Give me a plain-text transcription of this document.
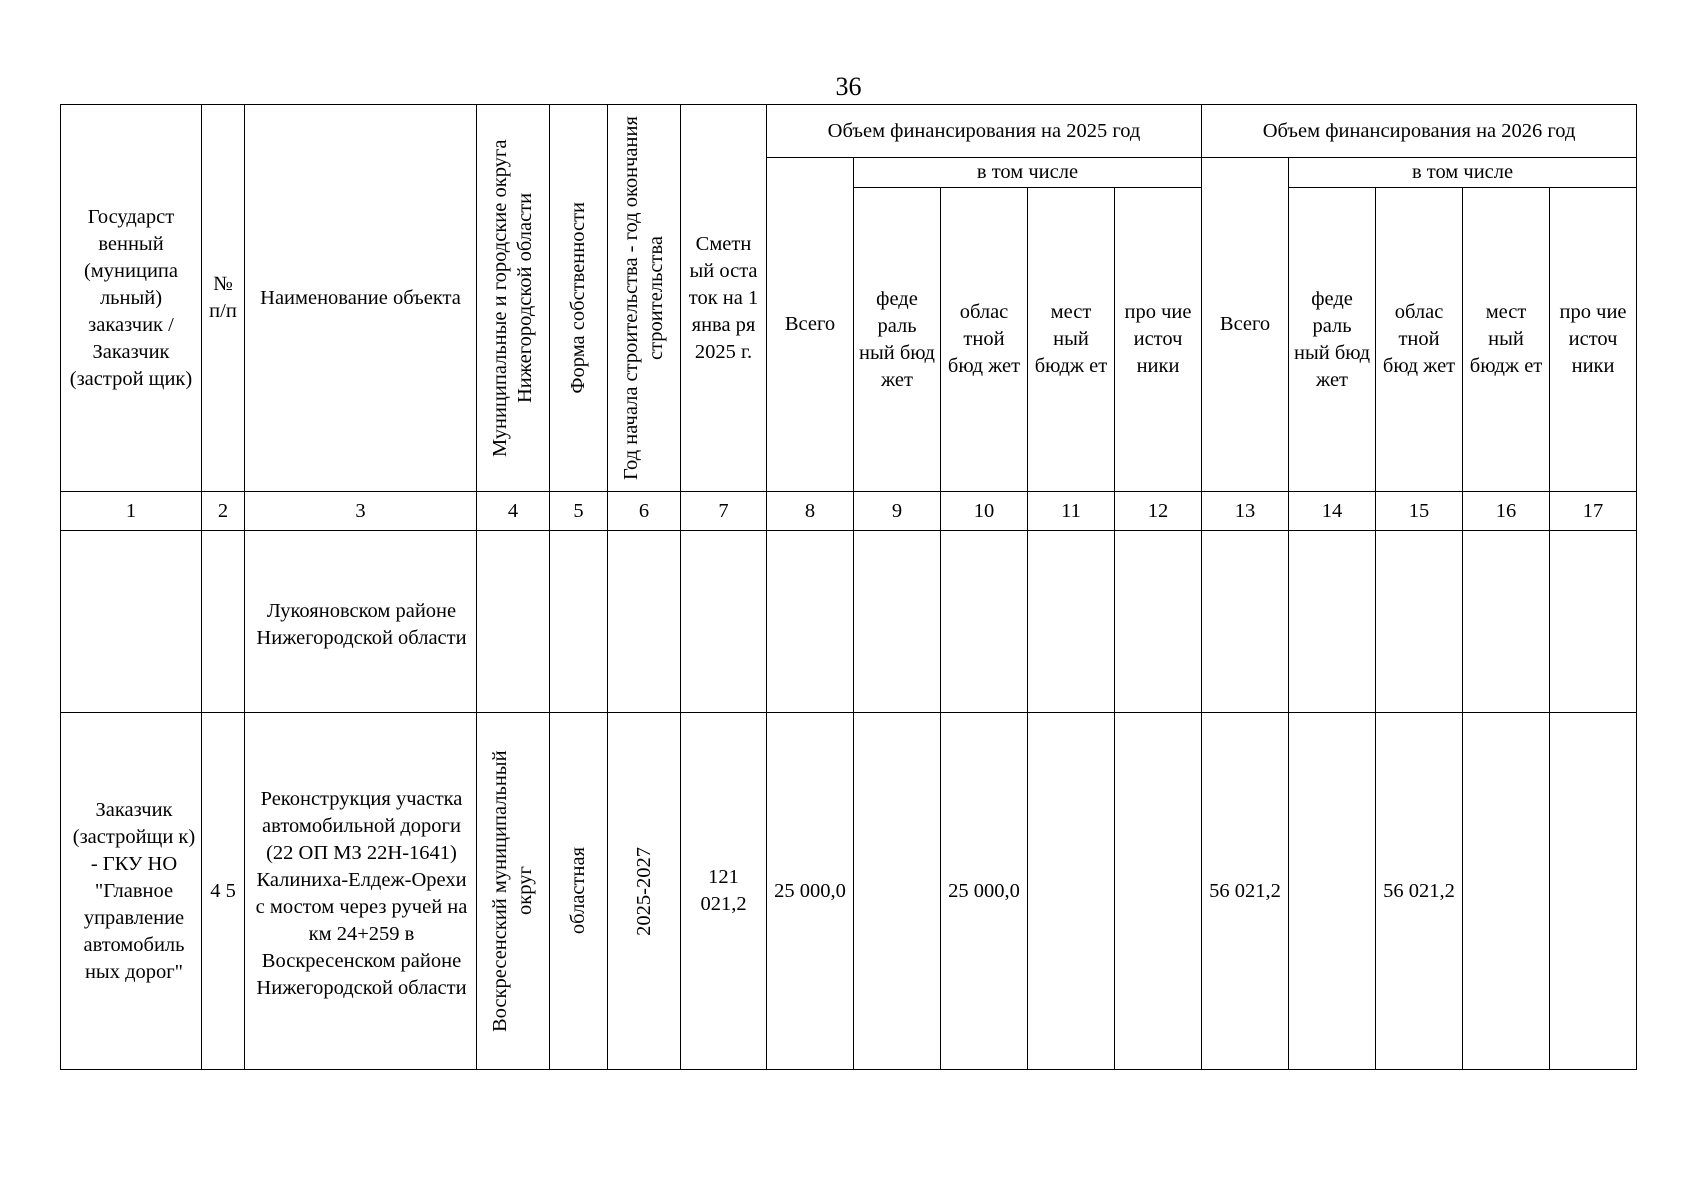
36
Государст венный (муниципа льный) заказчик / Заказчик (застрой щик)	№ п/п	Наименование объекта	Муниципальные и городские округа Нижегородской области	Форма собственности	Год начала строительства - год окончания строительства	Сметн ый оста ток на 1 янва ря 2025 г.	Объем финансирования на 2025 год					Объем финансирования на 2026 год				
							Всего	в том числе				Всего	в том числе			
								феде раль ный бюд жет	облас тной бюд жет	мест ный бюдж ет	про чие источ ники		феде раль ный бюд жет	облас тной бюд жет	мест ный бюдж ет	про чие источ ники
1	2	3	4	5	6	7	8	9	10	11	12	13	14	15	16	17
		Лукояновском районе Нижегородской области														
Заказчик (застройщи к) - ГКУ НО "Главное управление автомобиль ных дорог"	4 5	Реконструкция участка автомобильной дороги (22 ОП МЗ 22Н-1641) Калиниха-Елдеж-Орехи с мостом через ручей на км 24+259 в Воскресенском районе Нижегородской области	Воскресенский муниципальный округ	областная	2025-2027	121 021,2	25 000,0		25 000,0			56 021,2		56 021,2		
